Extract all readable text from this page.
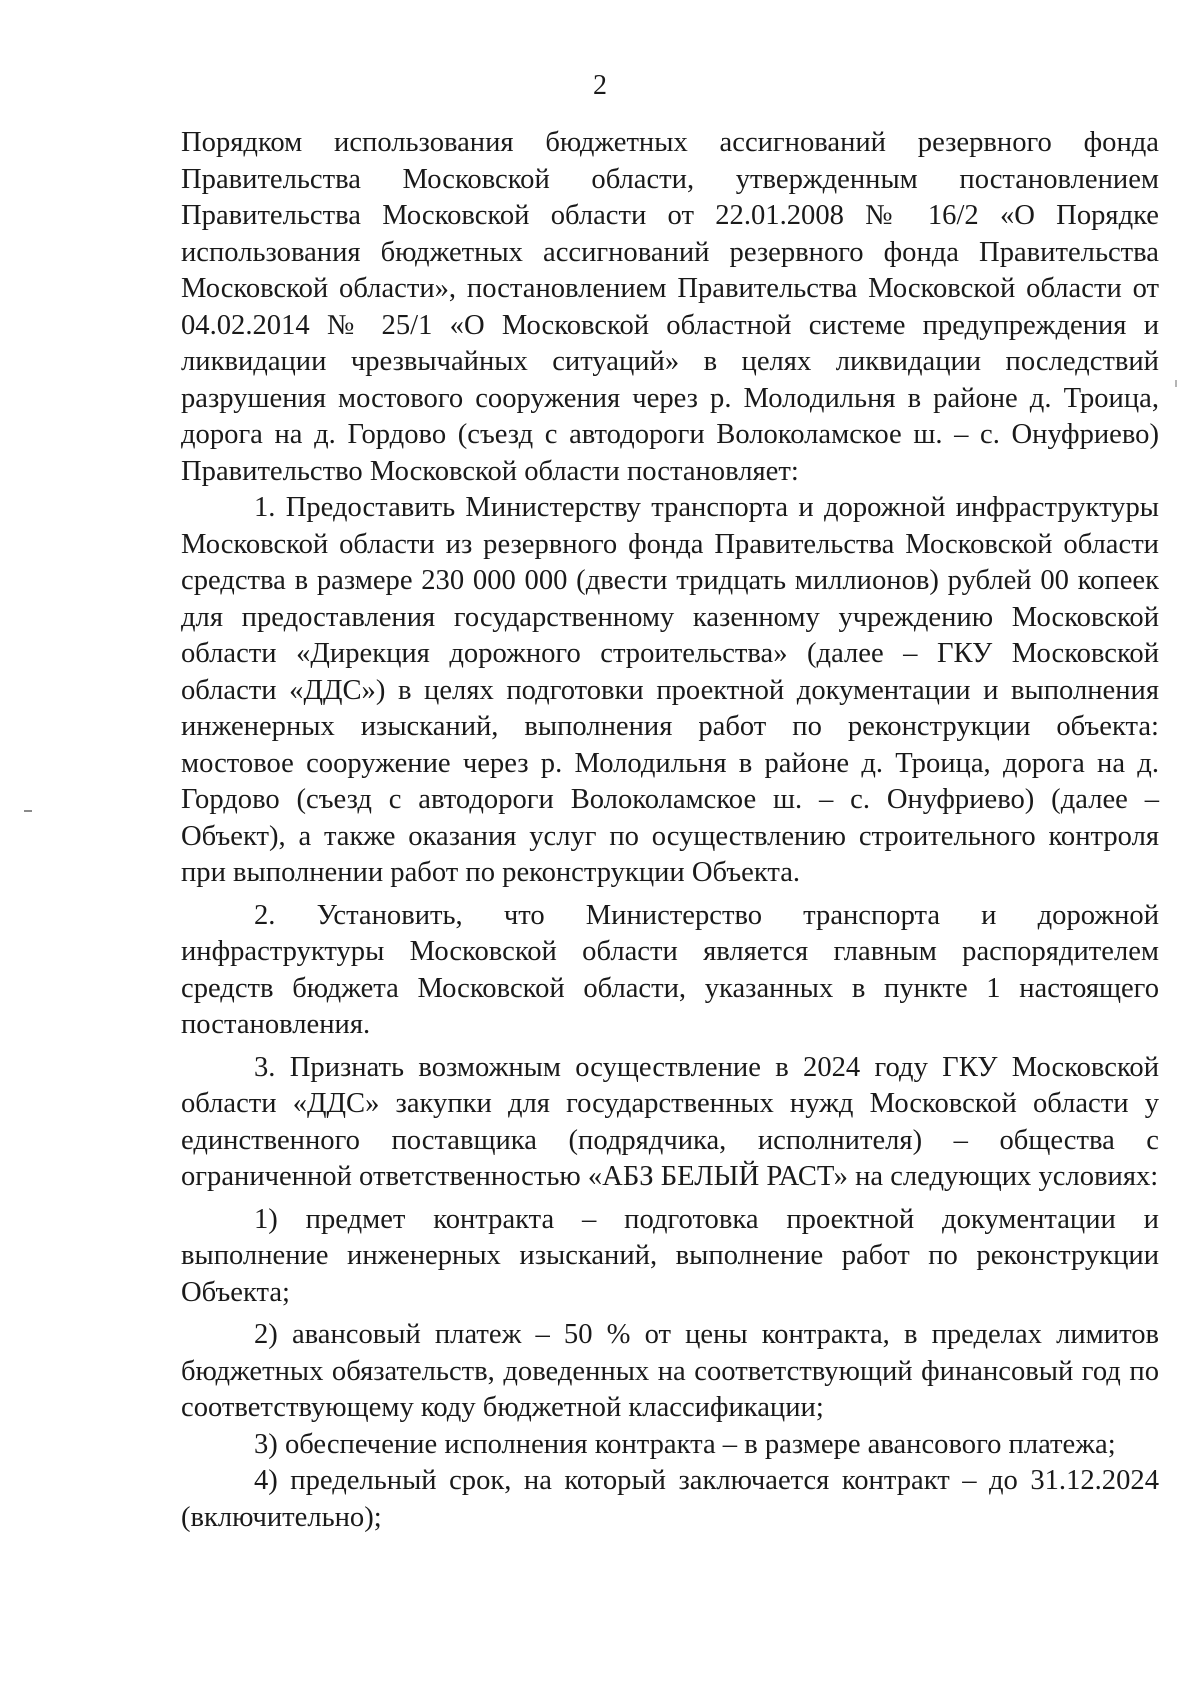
2

Порядком использования бюджетных ассигнований резервного фонда Правительства Московской области, утвержденным постановлением Правительства Московской области от 22.01.2008 № 16/2 «О Порядке использования бюджетных ассигнований резервного фонда Правительства Московской области», постановлением Правительства Московской области от 04.02.2014 № 25/1 «О Московской областной системе предупреждения и ликвидации чрезвычайных ситуаций» в целях ликвидации последствий разрушения мостового сооружения через р. Молодильня в районе д. Троица, дорога на д. Гордово (съезд с автодороги Волоколамское ш. – с. Онуфриево) Правительство Московской области постановляет:

1. Предоставить Министерству транспорта и дорожной инфраструктуры Московской области из резервного фонда Правительства Московской области средства в размере 230 000 000 (двести тридцать миллионов) рублей 00 копеек для предоставления государственному казенному учреждению Московской области «Дирекция дорожного строительства» (далее – ГКУ Московской области «ДДС») в целях подготовки проектной документации и выполнения инженерных изысканий, выполнения работ по реконструкции объекта: мостовое сооружение через р. Молодильня в районе д. Троица, дорога на д. Гордово (съезд с автодороги Волоколамское ш. – с. Онуфриево) (далее – Объект), а также оказания услуг по осуществлению строительного контроля при выполнении работ по реконструкции Объекта.

2. Установить, что Министерство транспорта и дорожной инфраструктуры Московской области является главным распорядителем средств бюджета Московской области, указанных в пункте 1 настоящего постановления.

3. Признать возможным осуществление в 2024 году ГКУ Московской области «ДДС» закупки для государственных нужд Московской области у единственного поставщика (подрядчика, исполнителя) – общества с ограниченной ответственностью «АБЗ БЕЛЫЙ РАСТ» на следующих условиях:

1) предмет контракта – подготовка проектной документации и выполнение инженерных изысканий, выполнение работ по реконструкции Объекта;

2) авансовый платеж – 50 % от цены контракта, в пределах лимитов бюджетных обязательств, доведенных на соответствующий финансовый год по соответствующему коду бюджетной классификации;

3) обеспечение исполнения контракта – в размере авансового платежа;

4) предельный срок, на который заключается контракт – до 31.12.2024 (включительно);
